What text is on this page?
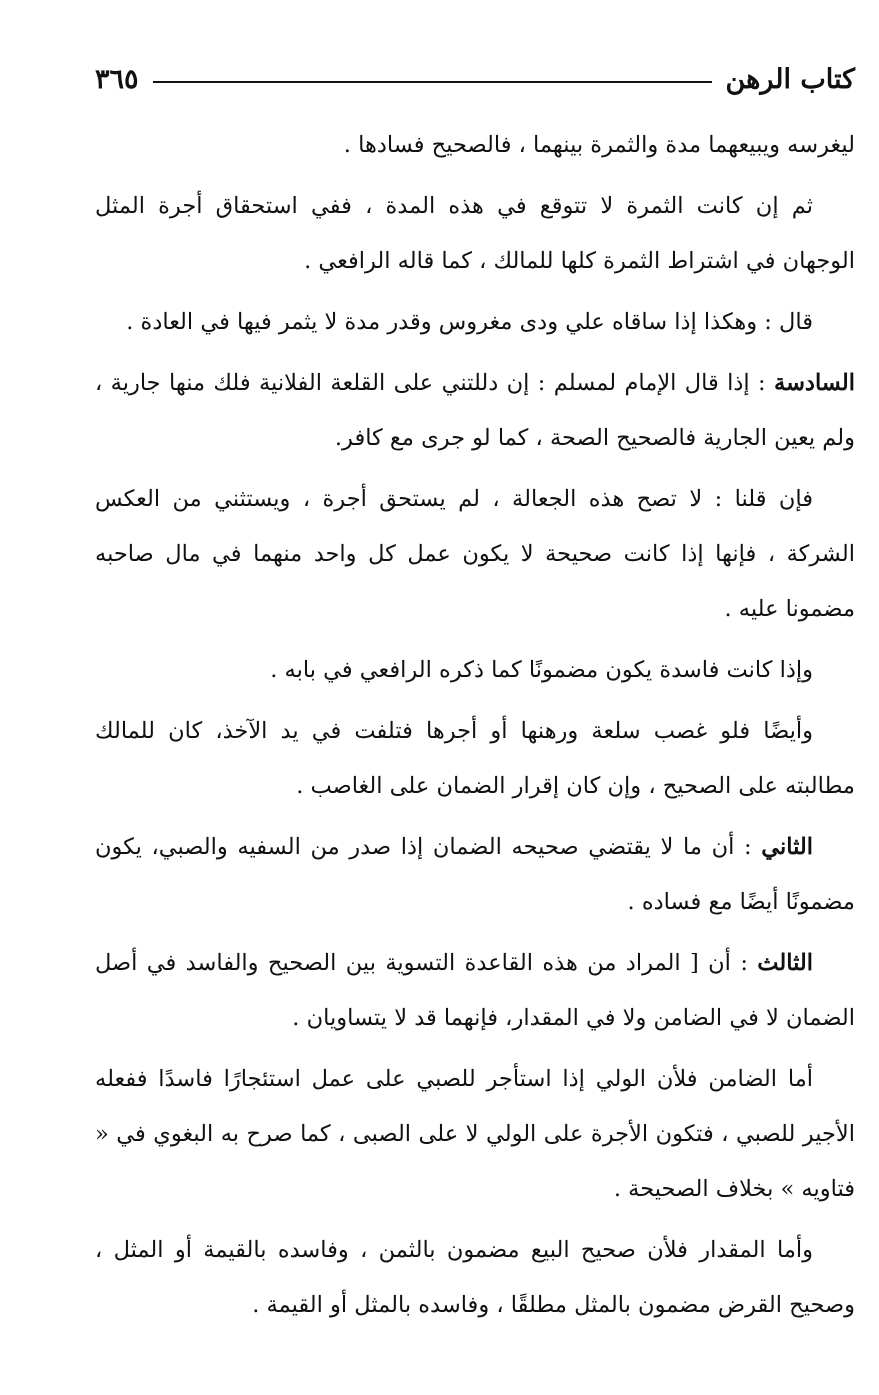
كتاب الرهن
٣٦٥

ليغرسه ويبيعهما مدة والثمرة بينهما ، فالصحيح فسادها .

ثم إن كانت الثمرة لا تتوقع في هذه المدة ، ففي استحقاق أجرة المثل الوجهان في اشتراط الثمرة كلها للمالك ، كما قاله الرافعي .

قال : وهكذا إذا ساقاه علي ودى مغروس وقدر مدة لا يثمر فيها في العادة .

السادسة : إذا قال الإمام لمسلم : إن دللتني على القلعة الفلانية فلك منها جارية ، ولم يعين الجارية فالصحيح الصحة ، كما لو جرى مع كافر.

فإن قلنا : لا تصح هذه الجعالة ، لم يستحق أجرة ، ويستثني من العكس الشركة ، فإنها إذا كانت صحيحة لا يكون عمل كل واحد منهما في مال صاحبه مضمونا عليه .

وإذا كانت فاسدة يكون مضمونًا كما ذكره الرافعي في بابه .

وأيضًا فلو غصب سلعة ورهنها أو أجرها فتلفت في يد الآخذ، كان للمالك مطالبته على الصحيح ، وإن كان إقرار الضمان على الغاصب .

الثاني : أن ما لا يقتضي صحيحه الضمان إذا صدر من السفيه والصبي، يكون مضمونًا أيضًا مع فساده .

الثالث : أن [ المراد من هذه القاعدة التسوية بين الصحيح والفاسد في أصل الضمان لا في الضامن ولا في المقدار، فإنهما قد لا يتساويان .

أما الضامن فلأن الولي إذا استأجر للصبي على عمل استئجارًا فاسدًا ففعله الأجير للصبي ، فتكون الأجرة على الولي لا على الصبى ، كما صرح به البغوي في « فتاويه » بخلاف الصحيحة .

وأما المقدار فلأن صحيح البيع مضمون بالثمن ، وفاسده بالقيمة أو المثل ، وصحيح القرض مضمون بالمثل مطلقًا ، وفاسده بالمثل أو القيمة .
